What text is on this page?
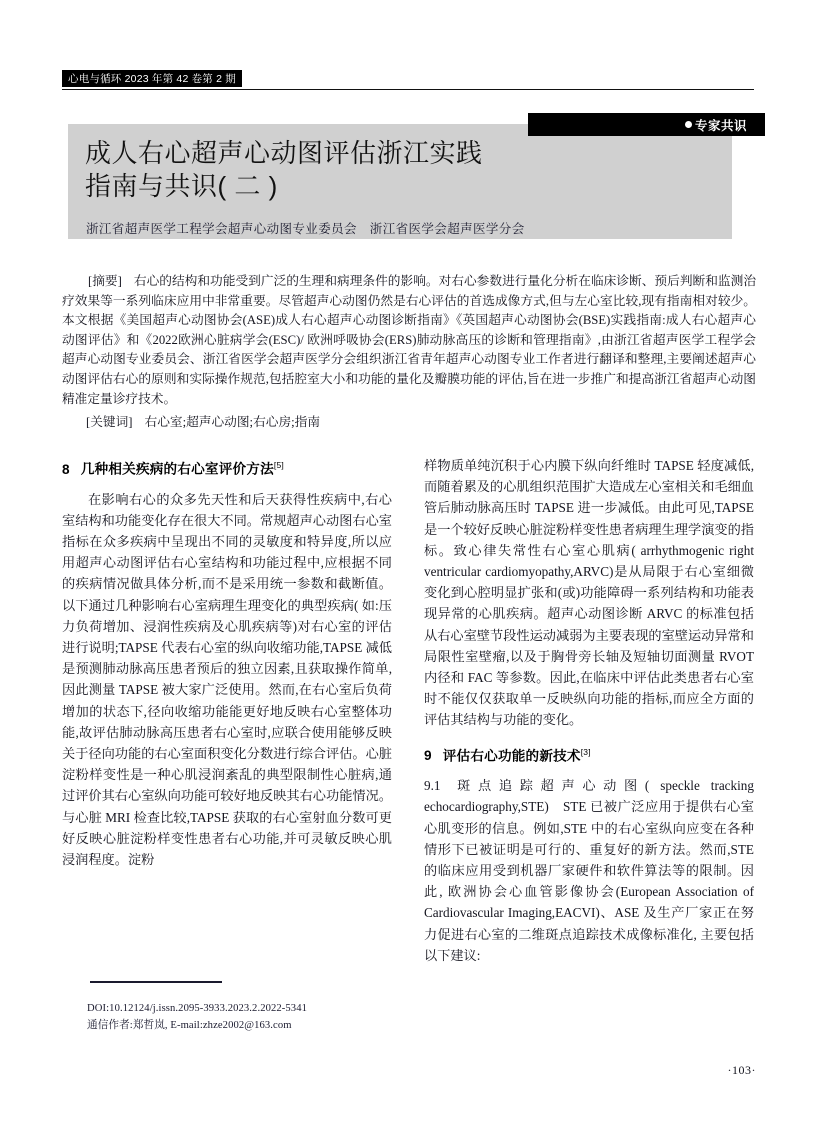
心电与循环 2023 年第 42 卷第 2 期
专家共识
成人右心超声心动图评估浙江实践
指南与共识( 二 )
浙江省超声医学工程学会超声心动图专业委员会　浙江省医学会超声医学分会

[摘要] 右心的结构和功能受到广泛的生理和病理条件的影响。对右心参数进行量化分析在临床诊断、预后判断和监测治疗效果等一系列临床应用中非常重要。尽管超声心动图仍然是右心评估的首选成像方式,但与左心室比较,现有指南相对较少。本文根据《美国超声心动图协会(ASE)成人右心超声心动图诊断指南》《英国超声心动图协会(BSE)实践指南:成人右心超声心动图评估》和《2022欧洲心脏病学会(ESC)/ 欧洲呼吸协会(ERS)肺动脉高压的诊断和管理指南》,由浙江省超声医学工程学会超声心动图专业委员会、浙江省医学会超声医学分会组织浙江省青年超声心动图专业工作者进行翻译和整理,主要阐述超声心动图评估右心的原则和实际操作规范,包括腔室大小和功能的量化及瓣膜功能的评估,旨在进一步推广和提高浙江省超声心动图精准定量诊疗技术。

[关键词] 右心室;超声心动图;右心房;指南

8 几种相关疾病的右心室评价方法[5]

在影响右心的众多先天性和后天获得性疾病中,右心室结构和功能变化存在很大不同。常规超声心动图右心室指标在众多疾病中呈现出不同的灵敏度和特异度,所以应用超声心动图评估右心室结构和功能过程中,应根据不同的疾病情况做具体分析,而不是采用统一参数和截断值。以下通过几种影响右心室病理生理变化的典型疾病( 如:压力负荷增加、浸润性疾病及心肌疾病等)对右心室的评估进行说明;TAPSE 代表右心室的纵向收缩功能,TAPSE 减低是预测肺动脉高压患者预后的独立因素,且获取操作简单,因此测量 TAPSE 被大家广泛使用。然而,在右心室后负荷增加的状态下,径向收缩功能能更好地反映右心室整体功能,故评估肺动脉高压患者右心室时,应联合使用能够反映关于径向功能的右心室面积变化分数进行综合评估。心脏淀粉样变性是一种心肌浸润紊乱的典型限制性心脏病,通过评价其右心室纵向功能可较好地反映其右心功能情况。与心脏 MRI 检查比较,TAPSE 获取的右心室射血分数可更好反映心脏淀粉样变性患者右心功能,并可灵敏反映心肌浸润程度。淀粉

样物质单纯沉积于心内膜下纵向纤维时 TAPSE 轻度减低,而随着累及的心肌组织范围扩大造成左心室相关和毛细血管后肺动脉高压时 TAPSE 进一步减低。由此可见,TAPSE 是一个较好反映心脏淀粉样变性患者病理生理学演变的指标。致心律失常性右心室心肌病( arrhythmogenic right ventricular cardiomyopathy,ARVC)是从局限于右心室细微变化到心腔明显扩张和(或)功能障碍一系列结构和功能表现异常的心肌疾病。超声心动图诊断 ARVC 的标准包括从右心室壁节段性运动减弱为主要表现的室壁运动异常和局限性室壁瘤,以及于胸骨旁长轴及短轴切面测量 RVOT 内径和 FAC 等参数。因此,在临床中评估此类患者右心室时不能仅仅获取单一反映纵向功能的指标,而应全方面的评估其结构与功能的变化。

9 评估右心功能的新技术[3]

9.1 斑点追踪超声心动图( speckle tracking echocardiography,STE)　STE 已被广泛应用于提供右心室心肌变形的信息。例如,STE 中的右心室纵向应变在各种情形下已被证明是可行的、重复好的新方法。然而,STE 的临床应用受到机器厂家硬件和软件算法等的限制。因此, 欧洲协会心血管影像协会(European Association of Cardiovascular Imaging,EACVI)、ASE 及生产厂家正在努力促进右心室的二维斑点追踪技术成像标准化, 主要包括以下建议:

DOI:10.12124/j.issn.2095-3933.2023.2.2022-5341
通信作者:郑哲岚, E-mail:zhze2002@163.com
·103·
